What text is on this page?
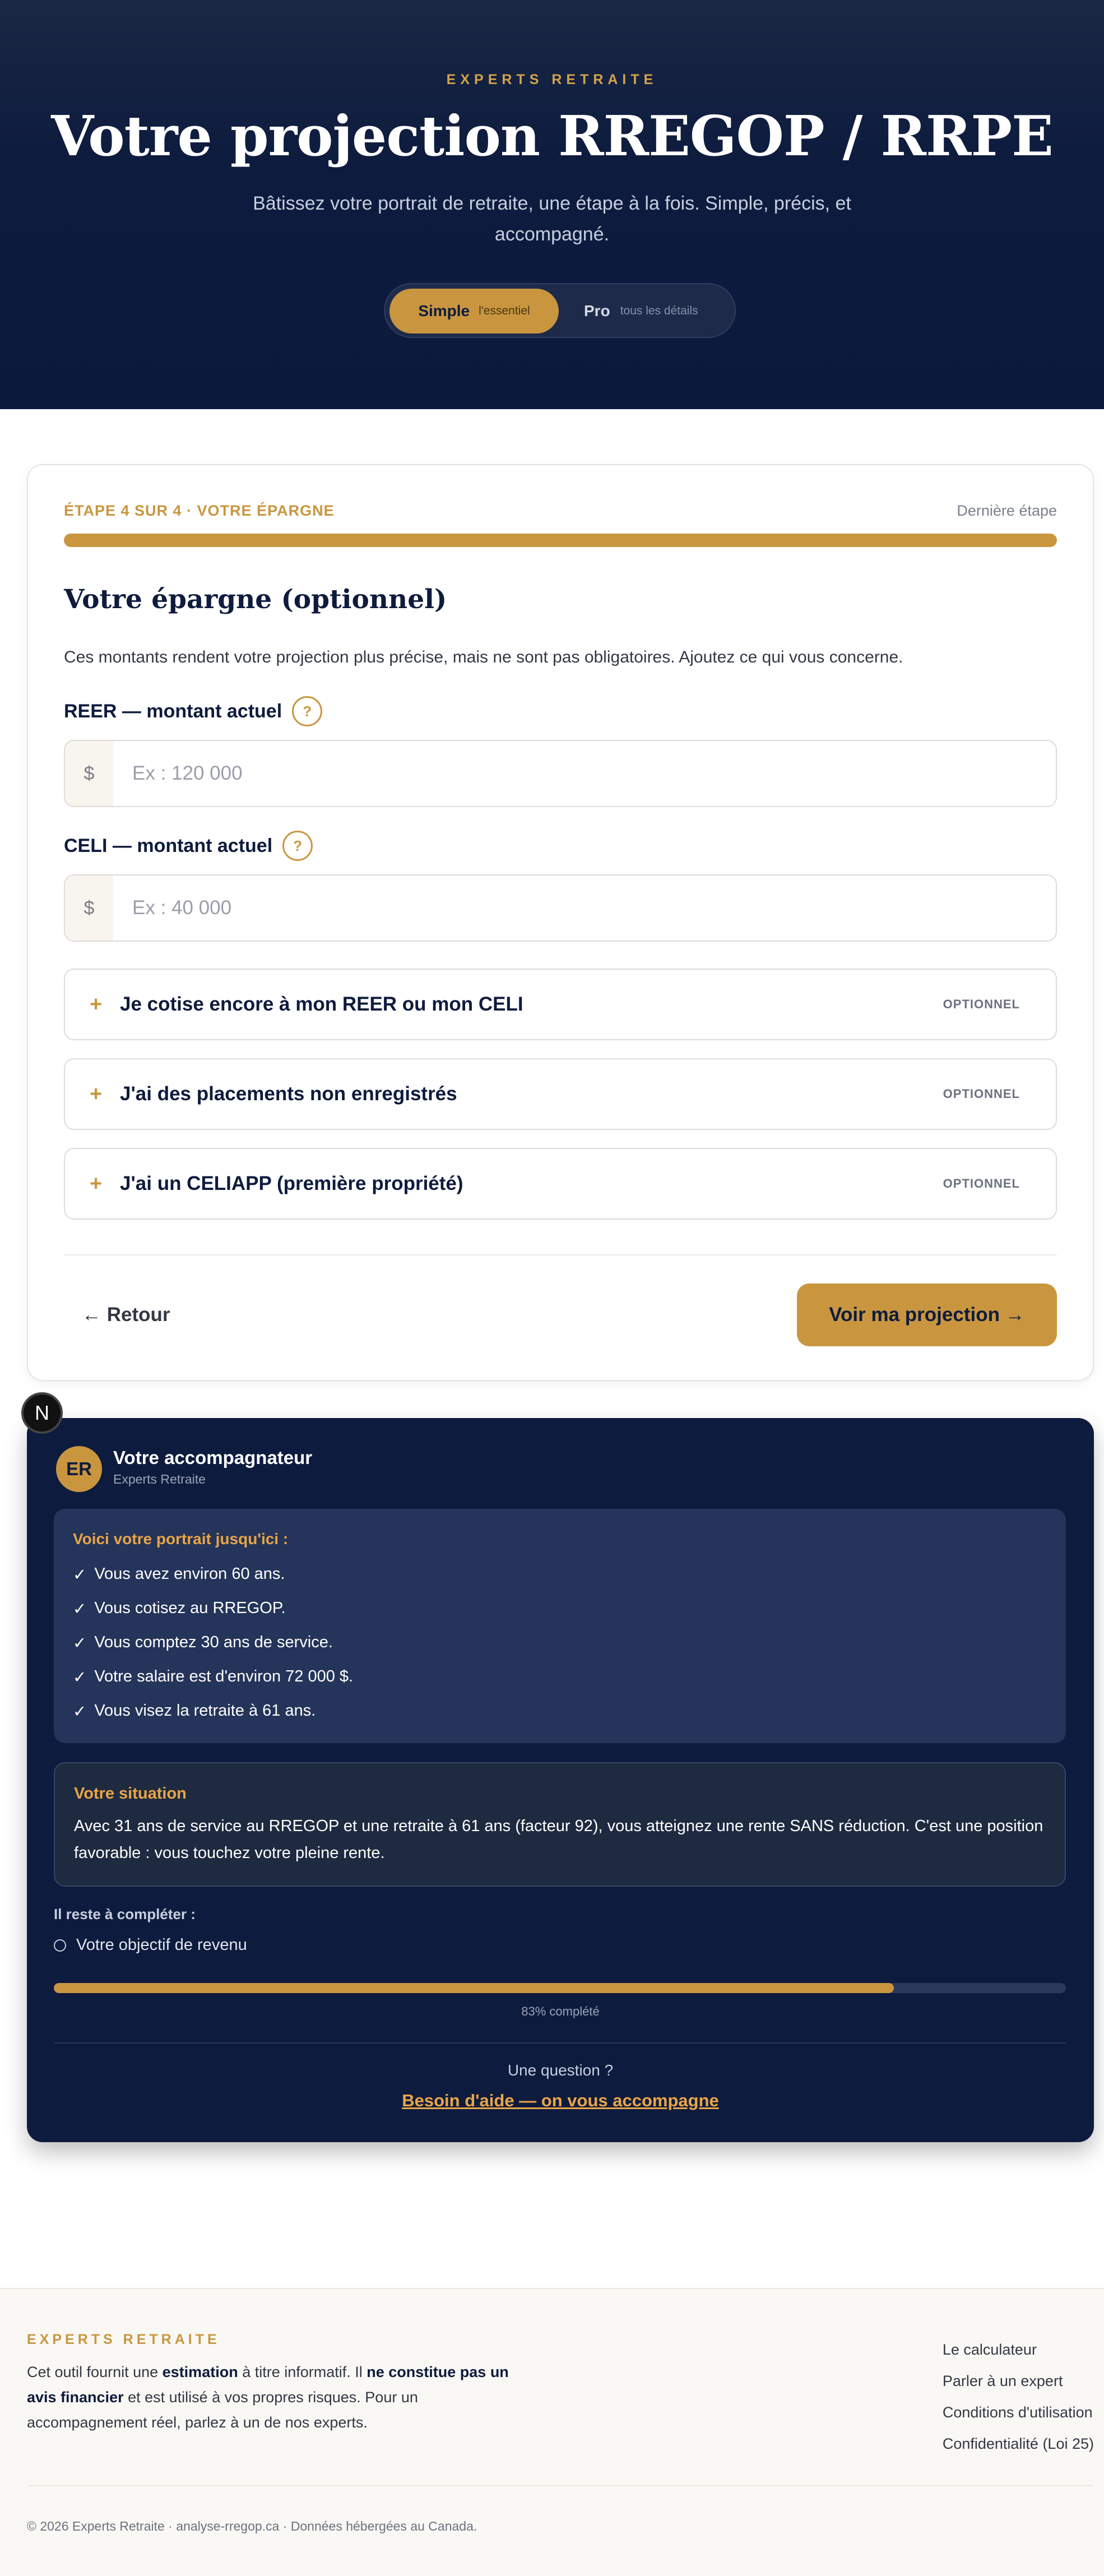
EXPERTS RETRAITE
Votre projection RREGOP / RRPE

Bâtissez votre portrait de retraite, une étape à la fois. Simple, précis, et accompagné.

Simple l'essentiel	Pro tous les détails
ÉTAPE 4 SUR 4 · VOTRE ÉPARGNE	Dernière étape
Votre épargne (optionnel)

Ces montants rendent votre projection plus précise, mais ne sont pas obligatoires. Ajoutez ce qui vous concerne.

REER — montant actuel	?
$
Ex : 120 000
CELI — montant actuel	?
$
Ex : 40 000
+ Je cotise encore à mon REER ou mon CELI	OPTIONNEL
+ J'ai des placements non enregistrés	OPTIONNEL
+ J'ai un CELIAPP (première propriété)	OPTIONNEL
← Retour	Voir ma projection →
N
ER
Votre accompagnateur
Experts Retraite
Voici votre portrait jusqu'ici :
✓ Vous avez environ 60 ans.
✓ Vous cotisez au RREGOP.
✓ Vous comptez 30 ans de service.
✓ Votre salaire est d'environ 72 000 $.
✓ Vous visez la retraite à 61 ans.
Votre situation
Avec 31 ans de service au RREGOP et une retraite à 61 ans (facteur 92), vous atteignez une rente SANS réduction. C'est une position favorable : vous touchez votre pleine rente.
Il reste à compléter :
Votre objectif de revenu
83% complété
Une question ?
Besoin d'aide — on vous accompagne
EXPERTS RETRAITE

Cet outil fournit une estimation à titre informatif. Il ne constitue pas un avis financier et est utilisé à vos propres risques. Pour un accompagnement réel, parlez à un de nos experts.

Le calculateur
Parler à un expert
Conditions d'utilisation
Confidentialité (Loi 25)
© 2026 Experts Retraite · analyse-rregop.ca · Données hébergées au Canada.
